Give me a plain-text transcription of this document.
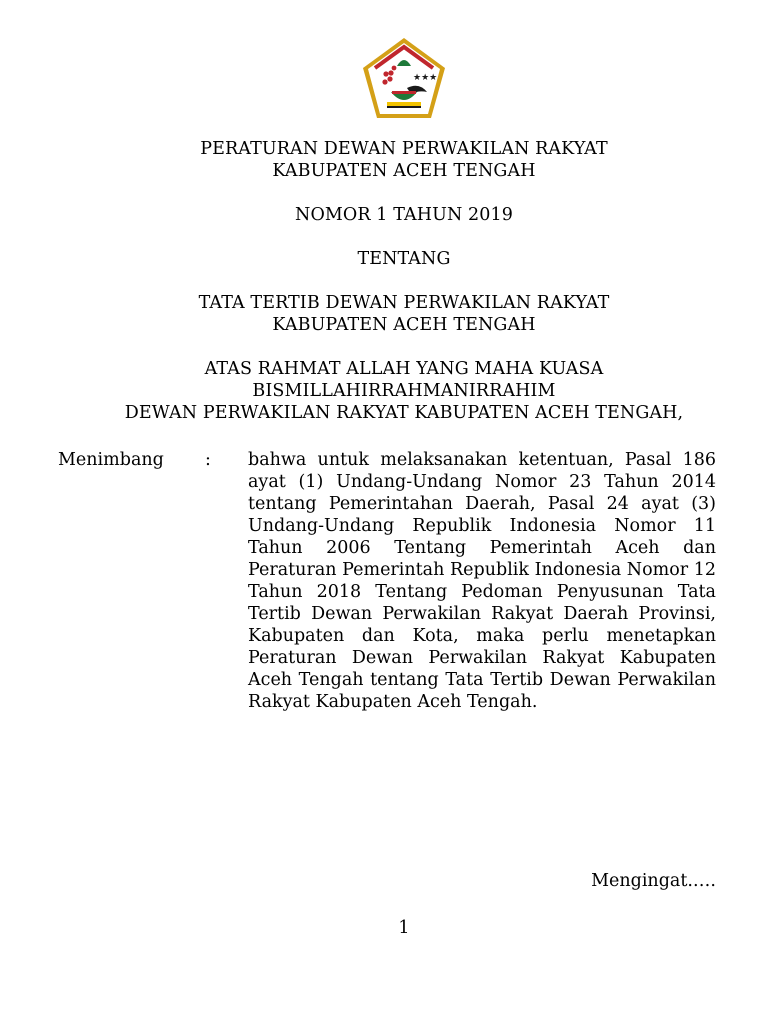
★★★
PERATURAN DEWAN PERWAKILAN RAKYAT
KABUPATEN ACEH TENGAH
NOMOR 1 TAHUN 2019
TENTANG
TATA TERTIB DEWAN PERWAKILAN RAKYAT
KABUPATEN ACEH TENGAH
ATAS RAHMAT ALLAH YANG MAHA KUASA
BISMILLAHIRRAHMANIRRAHIM
DEWAN PERWAKILAN RAKYAT KABUPATEN ACEH TENGAH,
Menimbang : bahwa untuk melaksanakan ketentuan, Pasal 186 ayat (1) Undang-Undang Nomor 23 Tahun 2014 tentang Pemerintahan Daerah, Pasal 24 ayat (3) Undang-Undang Republik Indonesia Nomor 11 Tahun 2006 Tentang Pemerintah Aceh dan Peraturan Pemerintah Republik Indonesia Nomor 12 Tahun 2018 Tentang Pedoman Penyusunan Tata Tertib Dewan Perwakilan Rakyat Daerah Provinsi, Kabupaten dan Kota, maka perlu menetapkan Peraturan Dewan Perwakilan Rakyat Kabupaten Aceh Tengah tentang Tata Tertib Dewan Perwakilan Rakyat Kabupaten Aceh Tengah.
Mengingat.….
1
